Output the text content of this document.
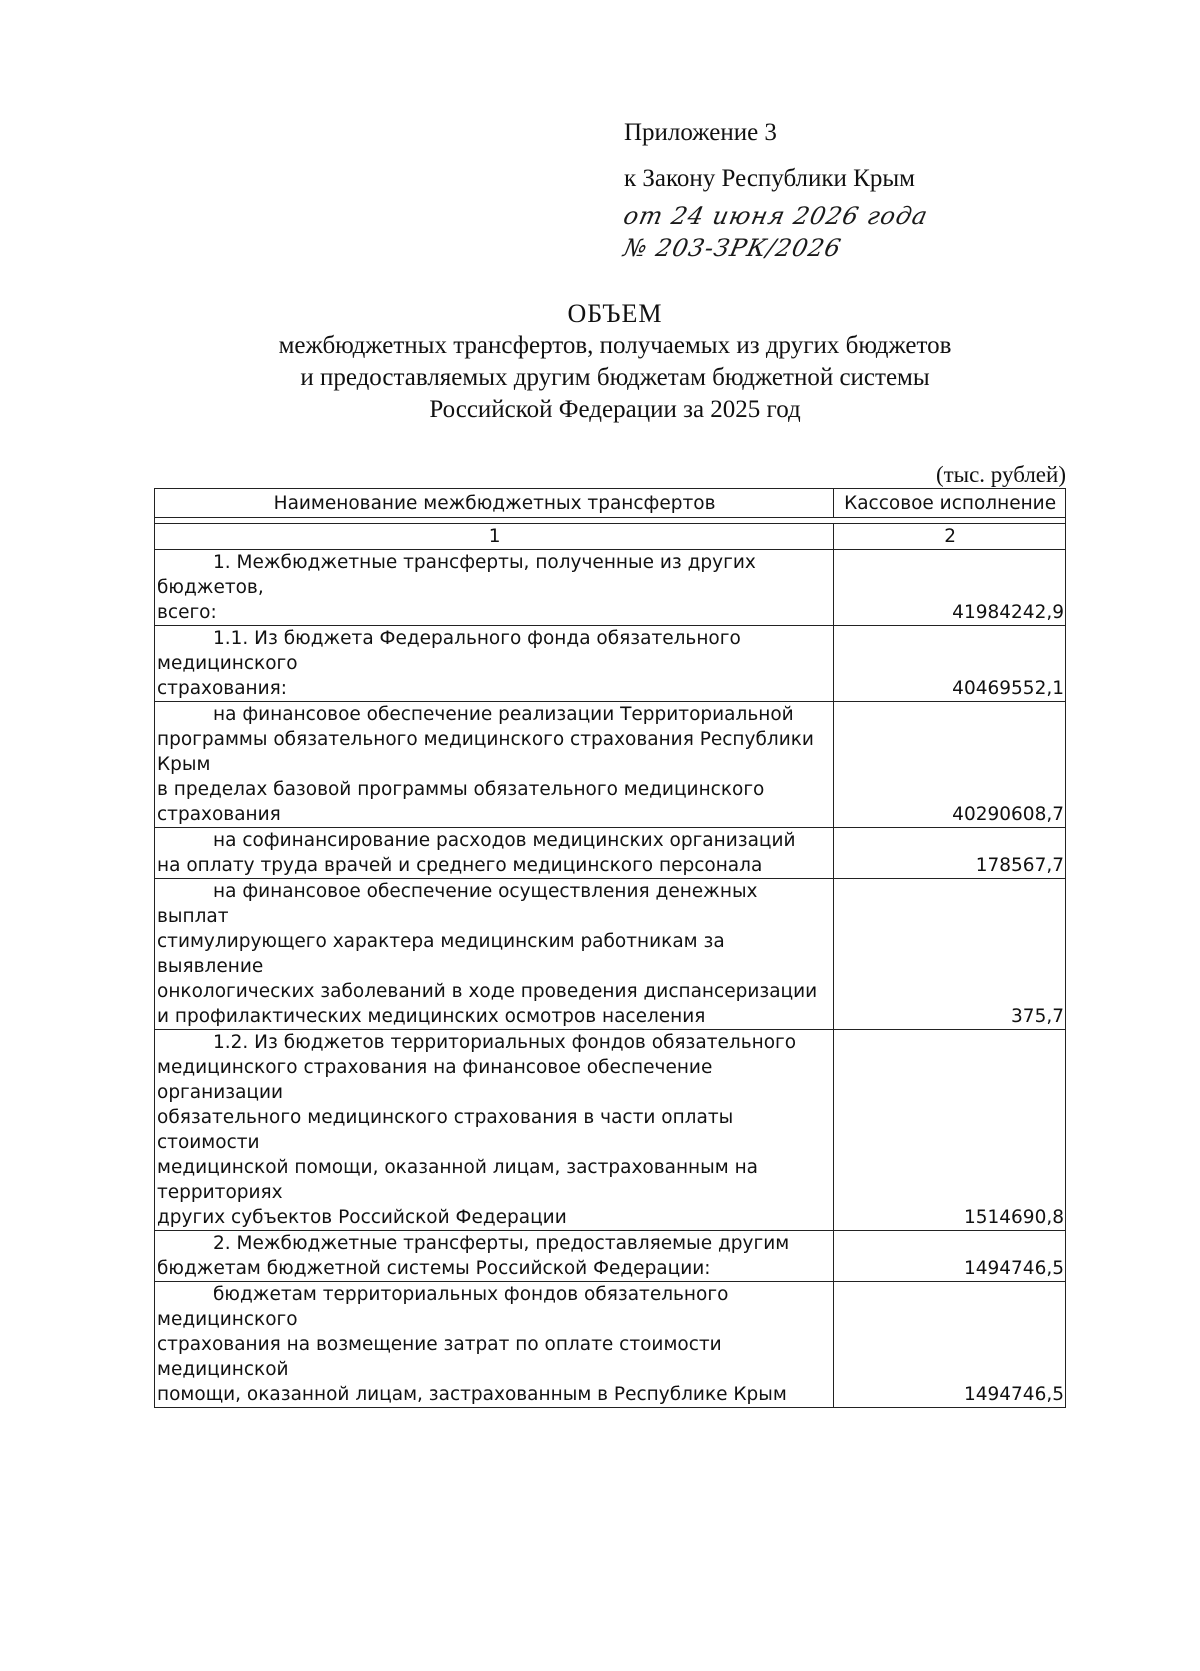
Приложение 3
к Закону Республики Крым
от 24 июня 2026 года
№ 203-ЗРК/2026
ОБЪЕМ
межбюджетных трансфертов, получаемых из других бюджетов
и предоставляемых другим бюджетам бюджетной системы
Российской Федерации за 2025 год
(тыс. рублей)
Наименование межбюджетных трансфертов	Кассовое исполнение

1	2

1. Межбюджетные трансферты, полученные из других бюджетов,
всего:	41984242,9

1.1. Из бюджета Федерального фонда обязательного медицинского
страхования:	40469552,1

на финансовое обеспечение реализации Территориальной
программы обязательного медицинского страхования Республики Крым
в пределах базовой программы обязательного медицинского страхования	40290608,7

на софинансирование расходов медицинских организаций
на оплату труда врачей и среднего медицинского персонала	178567,7

на финансовое обеспечение осуществления денежных выплат
стимулирующего характера медицинским работникам за выявление
онкологических заболеваний в ходе проведения диспансеризации
и профилактических медицинских осмотров населения	375,7

1.2. Из бюджетов территориальных фондов обязательного
медицинского страхования на финансовое обеспечение организации
обязательного медицинского страхования в части оплаты стоимости
медицинской помощи, оказанной лицам, застрахованным на территориях
других субъектов Российской Федерации	1514690,8

2. Межбюджетные трансферты, предоставляемые другим
бюджетам бюджетной системы Российской Федерации:	1494746,5

бюджетам территориальных фондов обязательного медицинского
страхования на возмещение затрат по оплате стоимости медицинской
помощи, оказанной лицам, застрахованным в Республике Крым	1494746,5
